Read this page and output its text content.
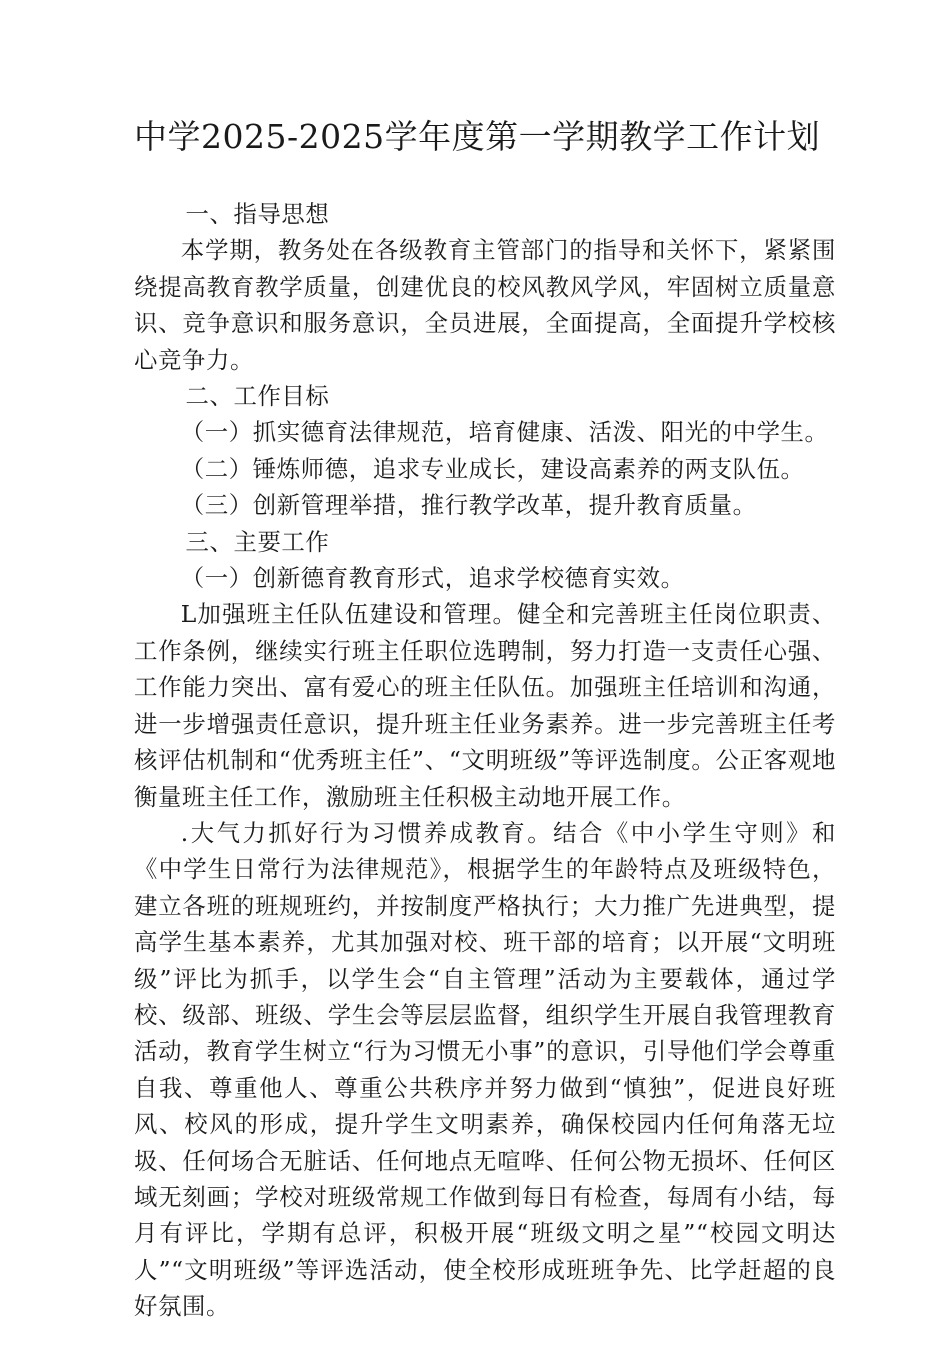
中学2025-2025学年度第一学期教学工作计划

一、指导思想

本学期，教务处在各级教育主管部门的指导和关怀下，紧紧围绕提高教育教学质量，创建优良的校风教风学风，牢固树立质量意识、竞争意识和服务意识，全员进展，全面提高，全面提升学校核心竞争力。

二、工作目标

（一）抓实德育法律规范，培育健康、活泼、阳光的中学生。

（二）锤炼师德，追求专业成长，建设高素养的两支队伍。

（三）创新管理举措，推行教学改革，提升教育质量。

三、主要工作

（一）创新德育教育形式，追求学校德育实效。

L加强班主任队伍建设和管理。健全和完善班主任岗位职责、工作条例，继续实行班主任职位选聘制，努力打造一支责任心强、工作能力突出、富有爱心的班主任队伍。加强班主任培训和沟通，进一步增强责任意识，提升班主任业务素养。进一步完善班主任考核评估机制和“优秀班主任”、“文明班级”等评选制度。公正客观地衡量班主任工作，激励班主任积极主动地开展工作。

.大气力抓好行为习惯养成教育。结合《中小学生守则》和《中学生日常行为法律规范》，根据学生的年龄特点及班级特色，建立各班的班规班约，并按制度严格执行；大力推广先进典型，提高学生基本素养，尤其加强对校、班干部的培育；以开展“文明班级”评比为抓手，以学生会“自主管理”活动为主要载体，通过学校、级部、班级、学生会等层层监督，组织学生开展自我管理教育活动，教育学生树立“行为习惯无小事”的意识，引导他们学会尊重自我、尊重他人、尊重公共秩序并努力做到“慎独”，促进良好班风、校风的形成，提升学生文明素养，确保校园内任何角落无垃圾、任何场合无脏话、任何地点无喧哗、任何公物无损坏、任何区域无刻画；学校对班级常规工作做到每日有检查，每周有小结，每月有评比，学期有总评，积极开展“班级文明之星”“校园文明达人”“文明班级”等评选活动，使全校形成班班争先、比学赶超的良好氛围。
